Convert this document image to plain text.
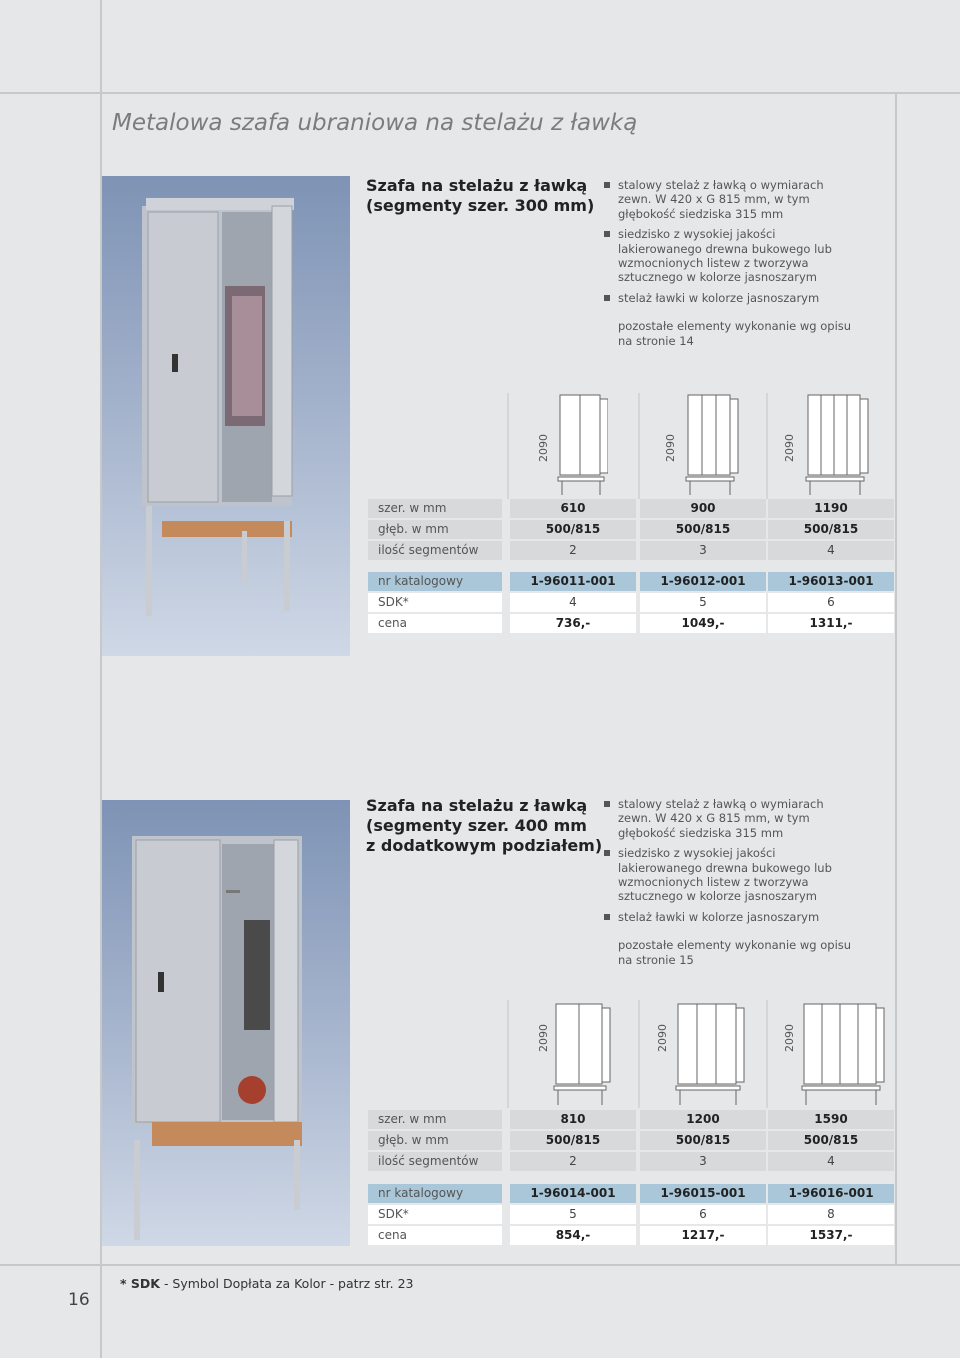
Metalowa szafa ubraniowa na stelażu z ławką
Szafa na stelażu z ławką
(segmenty szer. 300 mm)
stalowy stelaż z ławką o wymiarach zewn. W 420 x G 815 mm, w tym głębokość siedziska 315 mm
siedzisko z wysokiej jakości lakierowanego drewna bukowego lub wzmocnionych listew z tworzywa sztucznego w kolorze jasnoszarym
stelaż ławki w kolorze jasnoszarym
pozostałe elementy wykonanie wg opisu na stronie 14
2090	2090	2090
szer. w mm	610	900	1190
głęb. w mm	500/815	500/815	500/815
ilość segmentów	2	3	4
nr katalogowy	1-96011-001	1-96012-001	1-96013-001
SDK*	4	5	6
cena	736,-	1049,-	1311,-
Szafa na stelażu z ławką
(segmenty szer. 400 mm
z dodatkowym podziałem)
stalowy stelaż z ławką o wymiarach zewn. W 420 x G 815 mm, w tym głębokość siedziska 315 mm
siedzisko z wysokiej jakości lakierowanego drewna bukowego lub wzmocnionych listew z tworzywa sztucznego w kolorze jasnoszarym
stelaż ławki w kolorze jasnoszarym
pozostałe elementy wykonanie wg opisu na stronie 15
2090	2090	2090
szer. w mm	810	1200	1590
głęb. w mm	500/815	500/815	500/815
ilość segmentów	2	3	4
nr katalogowy	1-96014-001	1-96015-001	1-96016-001
SDK*	5	6	8
cena	854,-	1217,-	1537,-
16
* SDK - Symbol Dopłata za Kolor - patrz str. 23
